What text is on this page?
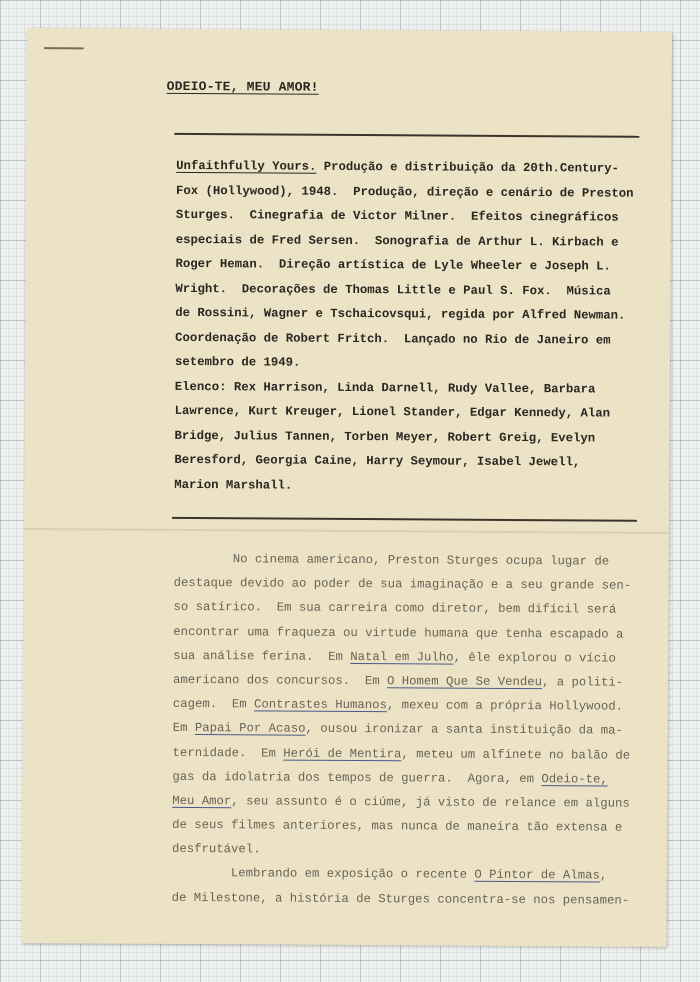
ODEIO-TE, MEU AMOR!
Unfaithfully Yours. Produção e distribuição da 20th.Century-
Fox (Hollywood), 1948.  Produção, direção e cenário de Preston
Sturges.  Cinegrafia de Victor Milner.  Efeitos cinegráficos
especiais de Fred Sersen.  Sonografia de Arthur L. Kirbach e
Roger Heman.  Direção artística de Lyle Wheeler e Joseph L.
Wright.  Decorações de Thomas Little e Paul S. Fox.  Música
de Rossini, Wagner e Tschaicovsqui, regida por Alfred Newman.
Coordenação de Robert Fritch.  Lançado no Rio de Janeiro em
setembro de 1949.
Elenco: Rex Harrison, Linda Darnell, Rudy Vallee, Barbara
Lawrence, Kurt Kreuger, Lionel Stander, Edgar Kennedy, Alan
Bridge, Julius Tannen, Torben Meyer, Robert Greig, Evelyn
Beresford, Georgia Caine, Harry Seymour, Isabel Jewell,
Marion Marshall.
No cinema americano, Preston Sturges ocupa lugar de
destaque devido ao poder de sua imaginação e a seu grande sen-
so satírico.  Em sua carreira como diretor, bem difícil será
encontrar uma fraqueza ou virtude humana que tenha escapado a
sua análise ferina.  Em Natal em Julho, êle explorou o vício
americano dos concursos.  Em O Homem Que Se Vendeu, a politi-
cagem.  Em Contrastes Humanos, mexeu com a própria Hollywood.
Em Papai Por Acaso, ousou ironizar a santa instituição da ma-
ternidade.  Em Herói de Mentira, meteu um alfinete no balão de
gas da idolatria dos tempos de guerra.  Agora, em Odeio-te,
Meu Amor, seu assunto é o ciúme, já visto de relance em alguns
de seus filmes anteriores, mas nunca de maneira tão extensa e
desfrutável.
Lembrando em exposição o recente O Pintor de Almas,
de Milestone, a história de Sturges concentra-se nos pensamen-
